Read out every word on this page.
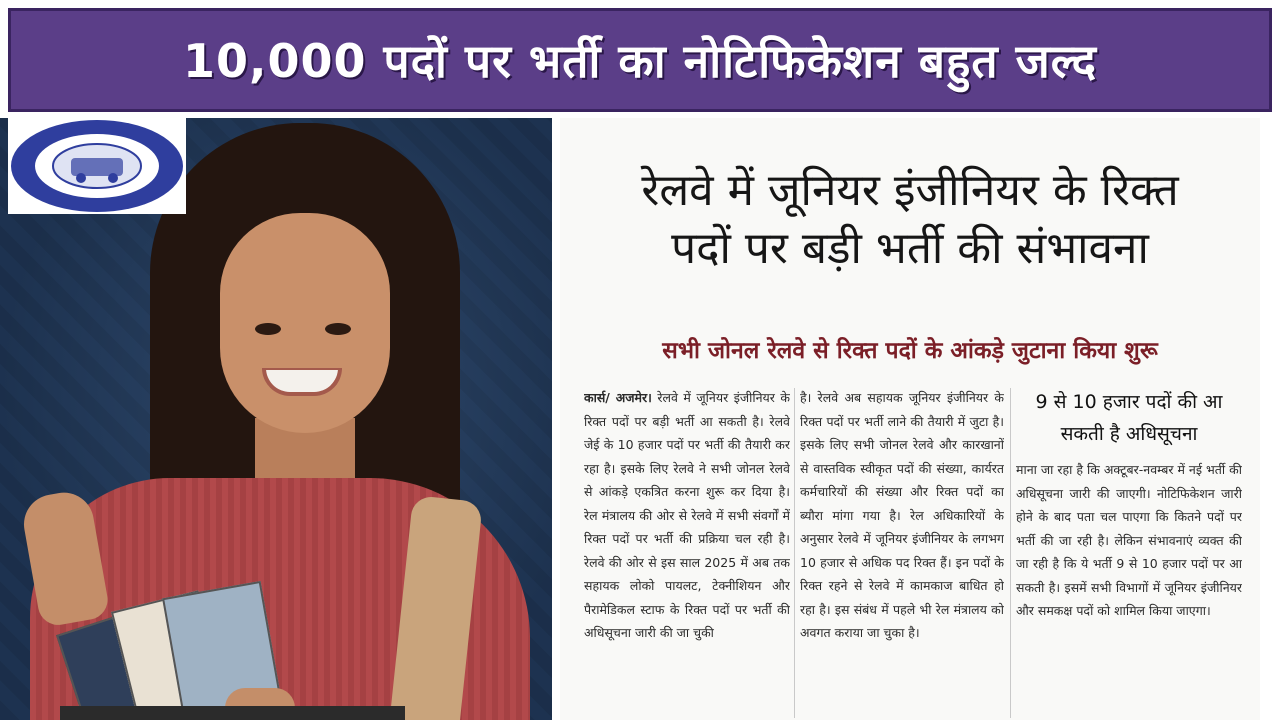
10,000 पदों पर भर्ती का नोटिफिकेशन बहुत जल्द
रेलवे में जूनियर इंजीनियर के रिक्त
पदों पर बड़ी भर्ती की संभावना
सभी जोनल रेलवे से रिक्त पदों के आंकड़े जुटाना किया शुरू
कार्स/ अजमेर। रेलवे में जूनियर इंजीनियर के रिक्त पदों पर बड़ी भर्ती आ सकती है। रेलवे जेई के 10 हजार पदों पर भर्ती की तैयारी कर रहा है। इसके लिए रेलवे ने सभी जोनल रेलवे से आंकड़े एकत्रित करना शुरू कर दिया है। रेल मंत्रालय की ओर से रेलवे में सभी संवर्गों में रिक्त पदों पर भर्ती की प्रक्रिया चल रही है। रेलवे की ओर से इस साल 2025 में अब तक सहायक लोको पायलट, टेक्नीशियन और पैरामेडिकल स्टाफ के रिक्त पदों पर भर्ती की अधिसूचना जारी की जा चुकी
है। रेलवे अब सहायक जूनियर इंजीनियर के रिक्त पदों पर भर्ती लाने की तैयारी में जुटा है। इसके लिए सभी जोनल रेलवे और कारखानों से वास्तविक स्वीकृत पदों की संख्या, कार्यरत कर्मचारियों की संख्या और रिक्त पदों का ब्यौरा मांगा गया है। रेल अधिकारियों के अनुसार रेलवे में जूनियर इंजीनियर के लगभग 10 हजार से अधिक पद रिक्त हैं। इन पदों के रिक्त रहने से रेलवे में कामकाज बाधित हो रहा है। इस संबंध में पहले भी रेल मंत्रालय को अवगत कराया जा चुका है।
9 से 10 हजार पदों की आ सकती है अधिसूचना
माना जा रहा है कि अक्टूबर-नवम्बर में नई भर्ती की अधिसूचना जारी की जाएगी। नोटिफिकेशन जारी होने के बाद पता चल पाएगा कि कितने पदों पर भर्ती की जा रही है। लेकिन संभावनाएं व्यक्त की जा रही है कि ये भर्ती 9 से 10 हजार पदों पर आ सकती है। इसमें सभी विभागों में जूनियर इंजीनियर और समकक्ष पदों को शामिल किया जाएगा।
